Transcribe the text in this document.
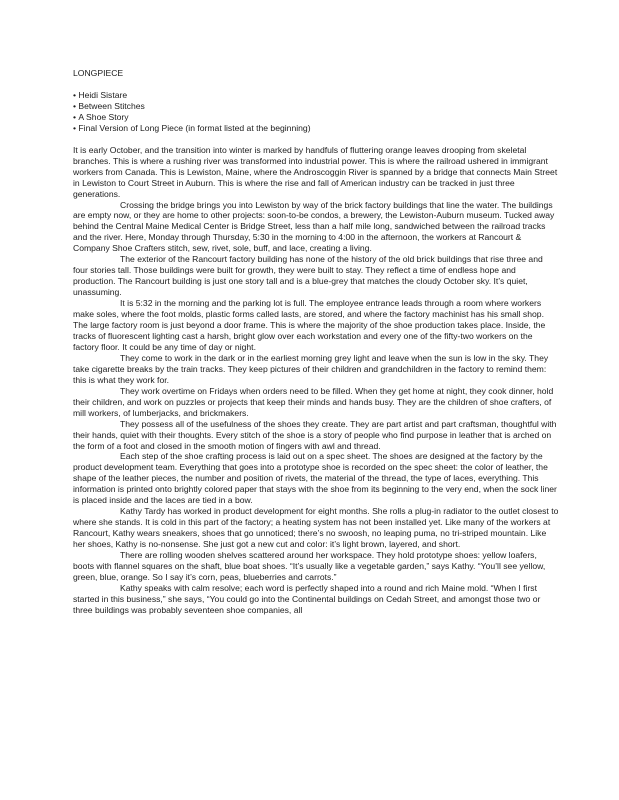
LONGPIECE
• Heidi Sistare
• Between Stitches
• A Shoe Story
• Final Version of Long Piece (in format listed at the beginning)

It is early October, and the transition into winter is marked by handfuls of fluttering orange leaves drooping from skeletal branches. This is where a rushing river was transformed into industrial power. This is where the railroad ushered in immigrant workers from Canada. This is Lewiston, Maine, where the Androscoggin River is spanned by a bridge that connects Main Street in Lewiston to Court Street in Auburn. This is where the rise and fall of American industry can be tracked in just three generations.

Crossing the bridge brings you into Lewiston by way of the brick factory buildings that line the water. The buildings are empty now, or they are home to other projects: soon-to-be condos, a brewery, the Lewiston-Auburn museum. Tucked away behind the Central Maine Medical Center is Bridge Street, less than a half mile long, sandwiched between the railroad tracks and the river. Here, Monday through Thursday, 5:30 in the morning to 4:00 in the afternoon, the workers at Rancourt & Company Shoe Crafters stitch, sew, rivet, sole, buff, and lace, creating a living.

The exterior of the Rancourt factory building has none of the history of the old brick buildings that rise three and four stories tall. Those buildings were built for growth, they were built to stay. They reflect a time of endless hope and production. The Rancourt building is just one story tall and is a blue-grey that matches the cloudy October sky. It’s quiet, unassuming.

It is 5:32 in the morning and the parking lot is full. The employee entrance leads through a room where workers make soles, where the foot molds, plastic forms called lasts, are stored, and where the factory machinist has his small shop. The large factory room is just beyond a door frame. This is where the majority of the shoe production takes place. Inside, the tracks of fluorescent lighting cast a harsh, bright glow over each workstation and every one of the fifty-two workers on the factory floor. It could be any time of day or night.

They come to work in the dark or in the earliest morning grey light and leave when the sun is low in the sky. They take cigarette breaks by the train tracks. They keep pictures of their children and grandchildren in the factory to remind them: this is what they work for.

They work overtime on Fridays when orders need to be filled. When they get home at night, they cook dinner, hold their children, and work on puzzles or projects that keep their minds and hands busy. They are the children of shoe crafters, of mill workers, of lumberjacks, and brickmakers.

They possess all of the usefulness of the shoes they create. They are part artist and part craftsman, thoughtful with their hands, quiet with their thoughts. Every stitch of the shoe is a story of people who find purpose in leather that is arched on the form of a foot and closed in the smooth motion of fingers with awl and thread.

Each step of the shoe crafting process is laid out on a spec sheet. The shoes are designed at the factory by the product development team. Everything that goes into a prototype shoe is recorded on the spec sheet: the color of leather, the shape of the leather pieces, the number and position of rivets, the material of the thread, the type of laces, everything. This information is printed onto brightly colored paper that stays with the shoe from its beginning to the very end, when the sock liner is placed inside and the laces are tied in a bow.

Kathy Tardy has worked in product development for eight months. She rolls a plug-in radiator to the outlet closest to where she stands. It is cold in this part of the factory; a heating system has not been installed yet. Like many of the workers at Rancourt, Kathy wears sneakers, shoes that go unnoticed; there’s no swoosh, no leaping puma, no tri-striped mountain. Like her shoes, Kathy is no-nonsense. She just got a new cut and color: it’s light brown, layered, and short.

There are rolling wooden shelves scattered around her workspace. They hold prototype shoes: yellow loafers, boots with flannel squares on the shaft, blue boat shoes. “It’s usually like a vegetable garden,” says Kathy. “You’ll see yellow, green, blue, orange. So I say it’s corn, peas, blueberries and carrots.”

Kathy speaks with calm resolve; each word is perfectly shaped into a round and rich Maine mold. “When I first started in this business,” she says, “You could go into the Continental buildings on Cedah Street, and amongst those two or three buildings was probably seventeen shoe companies, all
